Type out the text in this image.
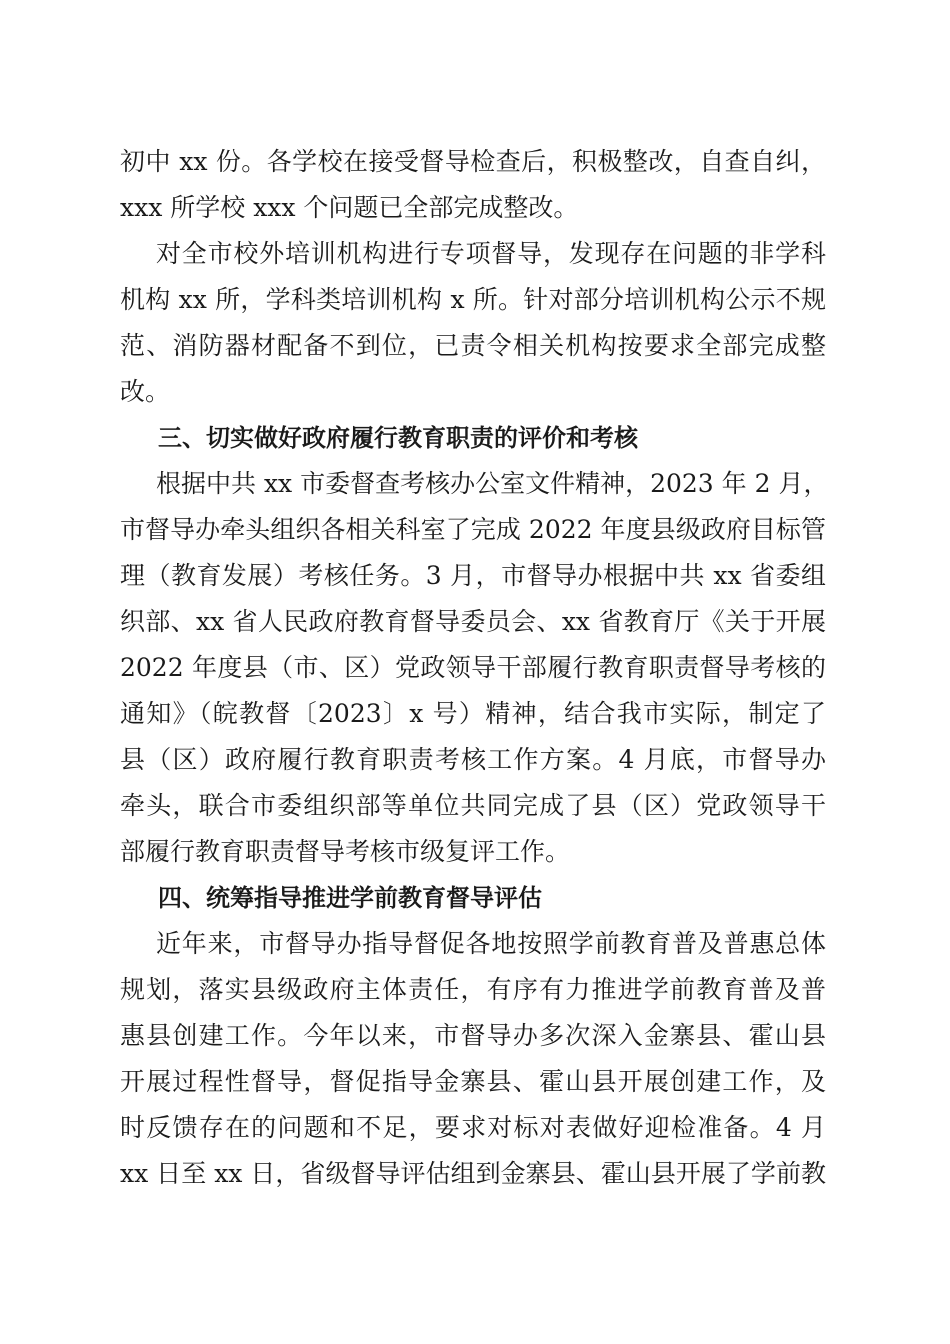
初中 xx 份。各学校在接受督导检查后，积极整改，自查自纠，
xxx 所学校 xxx 个问题已全部完成整改。
对全市校外培训机构进行专项督导，发现存在问题的非学科
机构 xx 所，学科类培训机构 x 所。针对部分培训机构公示不规
范、消防器材配备不到位，已责令相关机构按要求全部完成整
改。
三、切实做好政府履行教育职责的评价和考核
根据中共 xx 市委督查考核办公室文件精神，2023 年 2 月，
市督导办牵头组织各相关科室了完成 2022 年度县级政府目标管
理（教育发展）考核任务。3 月，市督导办根据中共 xx 省委组
织部、xx 省人民政府教育督导委员会、xx 省教育厅《关于开展
2022 年度县（市、区）党政领导干部履行教育职责督导考核的
通知》（皖教督〔2023〕x 号）精神，结合我市实际，制定了
县（区）政府履行教育职责考核工作方案。4 月底，市督导办
牵头，联合市委组织部等单位共同完成了县（区）党政领导干
部履行教育职责督导考核市级复评工作。
四、统筹指导推进学前教育督导评估
近年来，市督导办指导督促各地按照学前教育普及普惠总体
规划，落实县级政府主体责任，有序有力推进学前教育普及普
惠县创建工作。今年以来，市督导办多次深入金寨县、霍山县
开展过程性督导，督促指导金寨县、霍山县开展创建工作，及
时反馈存在的问题和不足，要求对标对表做好迎检准备。4 月
xx 日至 xx 日，省级督导评估组到金寨县、霍山县开展了学前教
